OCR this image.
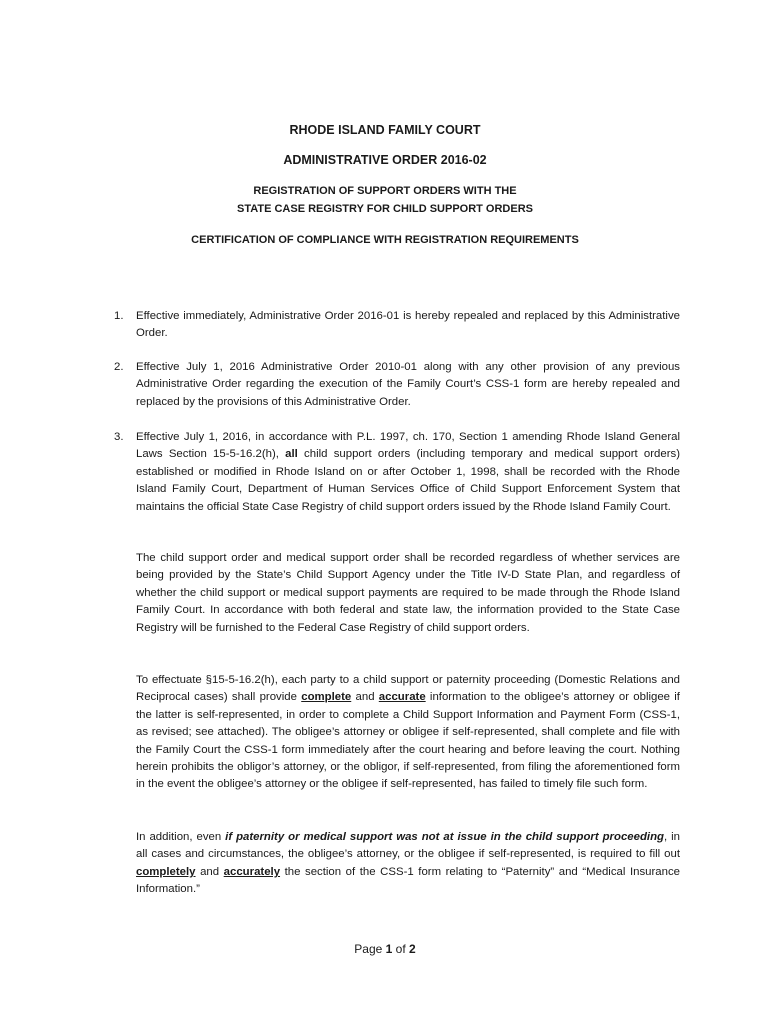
RHODE ISLAND FAMILY COURT
ADMINISTRATIVE ORDER 2016-02
REGISTRATION OF SUPPORT ORDERS WITH THE
STATE CASE REGISTRY FOR CHILD SUPPORT ORDERS
CERTIFICATION OF COMPLIANCE WITH REGISTRATION REQUIREMENTS
1. Effective immediately, Administrative Order 2016-01 is hereby repealed and replaced by this Administrative Order.
2. Effective July 1, 2016 Administrative Order 2010-01 along with any other provision of any previous Administrative Order regarding the execution of the Family Court’s CSS-1 form are hereby repealed and replaced by the provisions of this Administrative Order.
3. Effective July 1, 2016, in accordance with P.L. 1997, ch. 170, Section 1 amending Rhode Island General Laws Section 15-5-16.2(h), all child support orders (including temporary and medical support orders) established or modified in Rhode Island on or after October 1, 1998, shall be recorded with the Rhode Island Family Court, Department of Human Services Office of Child Support Enforcement System that maintains the official State Case Registry of child support orders issued by the Rhode Island Family Court.
The child support order and medical support order shall be recorded regardless of whether services are being provided by the State’s Child Support Agency under the Title IV-D State Plan, and regardless of whether the child support or medical support payments are required to be made through the Rhode Island Family Court. In accordance with both federal and state law, the information provided to the State Case Registry will be furnished to the Federal Case Registry of child support orders.
To effectuate §15-5-16.2(h), each party to a child support or paternity proceeding (Domestic Relations and Reciprocal cases) shall provide complete and accurate information to the obligee’s attorney or obligee if the latter is self-represented, in order to complete a Child Support Information and Payment Form (CSS-1, as revised; see attached). The obligee’s attorney or obligee if self-represented, shall complete and file with the Family Court the CSS-1 form immediately after the court hearing and before leaving the court. Nothing herein prohibits the obligor’s attorney, or the obligor, if self-represented, from filing the aforementioned form in the event the obligee’s attorney or the obligee if self-represented, has failed to timely file such form.
In addition, even if paternity or medical support was not at issue in the child support proceeding, in all cases and circumstances, the obligee’s attorney, or the obligee if self-represented, is required to fill out completely and accurately the section of the CSS-1 form relating to “Paternity” and “Medical Insurance Information.”
Page 1 of 2
